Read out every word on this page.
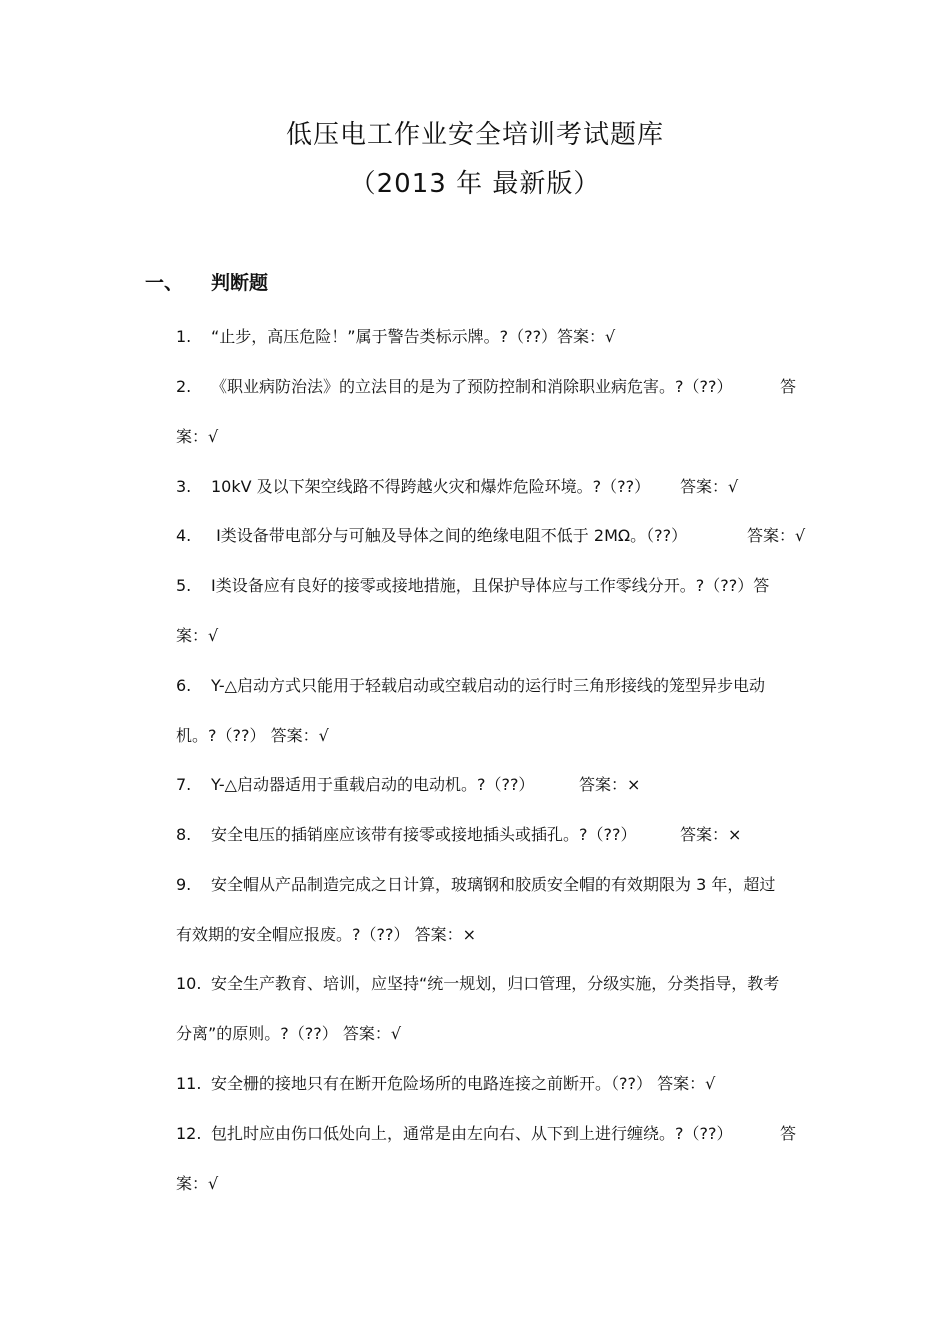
低压电工作业安全培训考试题库
（2013 年 最新版）
一、 判断题
1. “止步，高压危险！”属于警告类标示牌。?（??）答案：√
2. 《职业病防治法》的立法目的是为了预防控制和消除职业病危害。?（??）	答
案：√
3. 10kV 及以下架空线路不得跨越火灾和爆炸危险环境。?（??） 答案：√
4. Ⅰ类设备带电部分与可触及导体之间的绝缘电阻不低于 2MΩ。（??）	答案：√
5. Ⅰ类设备应有良好的接零或接地措施，且保护导体应与工作零线分开。?（??）答
案：√
6. Y-△启动方式只能用于轻载启动或空载启动的运行时三角形接线的笼型异步电动
机。?（??） 答案：√
7. Y-△启动器适用于重载启动的电动机。?（??）	答案：×
8. 安全电压的插销座应该带有接零或接地插头或插孔。?（??）	答案：×
9. 安全帽从产品制造完成之日计算，玻璃钢和胶质安全帽的有效期限为 3 年，超过
有效期的安全帽应报废。?（??） 答案：×
10. 安全生产教育、培训，应坚持“统一规划，归口管理，分级实施，分类指导，教考
分离”的原则。?（??） 答案：√
11. 安全栅的接地只有在断开危险场所的电路连接之前断开。（??） 答案：√
12. 包扎时应由伤口低处向上，通常是由左向右、从下到上进行缠绕。?（??）	答
案：√
